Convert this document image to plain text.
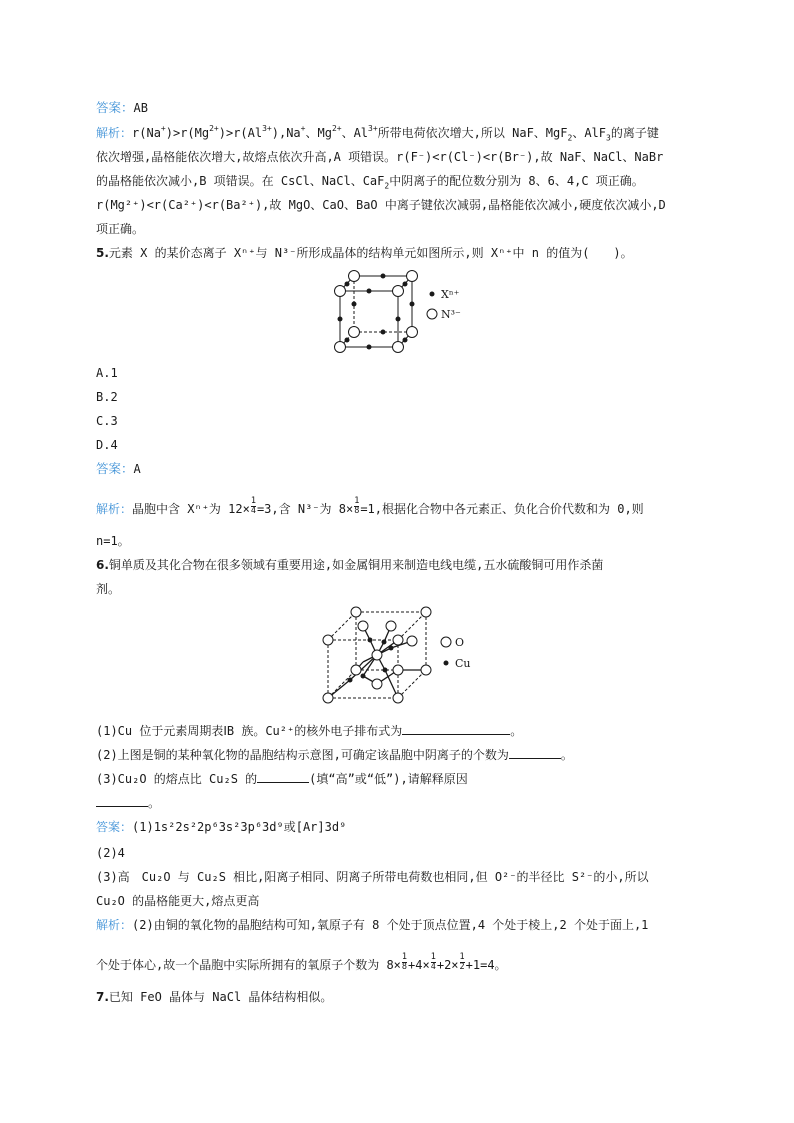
答案：AB
解析：$r(Na^+)>r(Mg^{2+})>r(Al^{3+}),Na^+$、$Mg^{2+}$、$Al^{3+}$所带电荷依次增大,所以 NaF、MgF$_2$、AlF$_3$的离子键
依次增强,晶格能依次增大,故熔点依次升高,A 项错误。r(F⁻)<r(Cl⁻)<r(Br⁻),故 NaF、NaCl、NaBr
的晶格能依次减小,B 项错误。在 CsCl、NaCl、CaF$_2$中阴离子的配位数分别为 8、6、4,C 项正确。
r(Mg²⁺)<r(Ca²⁺)<r(Ba²⁺),故 MgO、CaO、BaO 中离子键依次减弱,晶格能依次减小,硬度依次减小,D
项正确。
5.元素 X 的某价态离子 Xⁿ⁺与 N³⁻所形成晶体的结构单元如图所示,则 Xⁿ⁺中 n 的值为(　　)。
Xⁿ⁺
N³⁻
A.1
B.2
C.3
D.4
答案：A
解析：晶胞中含 Xⁿ⁺为 $12\times \frac{1}{4} =3$,含 N³⁻为 $8\times \frac{1}{8} =1$,根据化合物中各元素正、负化合价代数和为 0,则
n=1。
6.铜单质及其化合物在很多领域有重要用途,如金属铜用来制造电线电缆,五水硫酸铜可用作杀菌
剂。
O
Cu
(1)Cu 位于元素周期表ⅠB 族。Cu²⁺的核外电子排布式为	。
(2)上图是铜的某种氧化物的晶胞结构示意图,可确定该晶胞中阴离子的个数为	。
(3)Cu₂O 的熔点比 Cu₂S 的	(填“高”或“低”),请解释原因
。
答案：(1)1s²2s²2p⁶3s²3p⁶3d⁹或[Ar]3d⁹
(2)4
(3)高　Cu₂O 与 Cu₂S 相比,阳离子相同、阴离子所带电荷数也相同,但 O²⁻的半径比 S²⁻的小,所以
Cu₂O 的晶格能更大,熔点更高
解析：(2)由铜的氧化物的晶胞结构可知,氧原子有 8 个处于顶点位置,4 个处于棱上,2 个处于面上,1
个处于体心,故一个晶胞中实际所拥有的氧原子个数为 $8\times \frac{1}{8} +4\times \frac{1}{4} +2\times \frac{1}{2} +1=4$。
7.已知 FeO 晶体与 NaCl 晶体结构相似。
